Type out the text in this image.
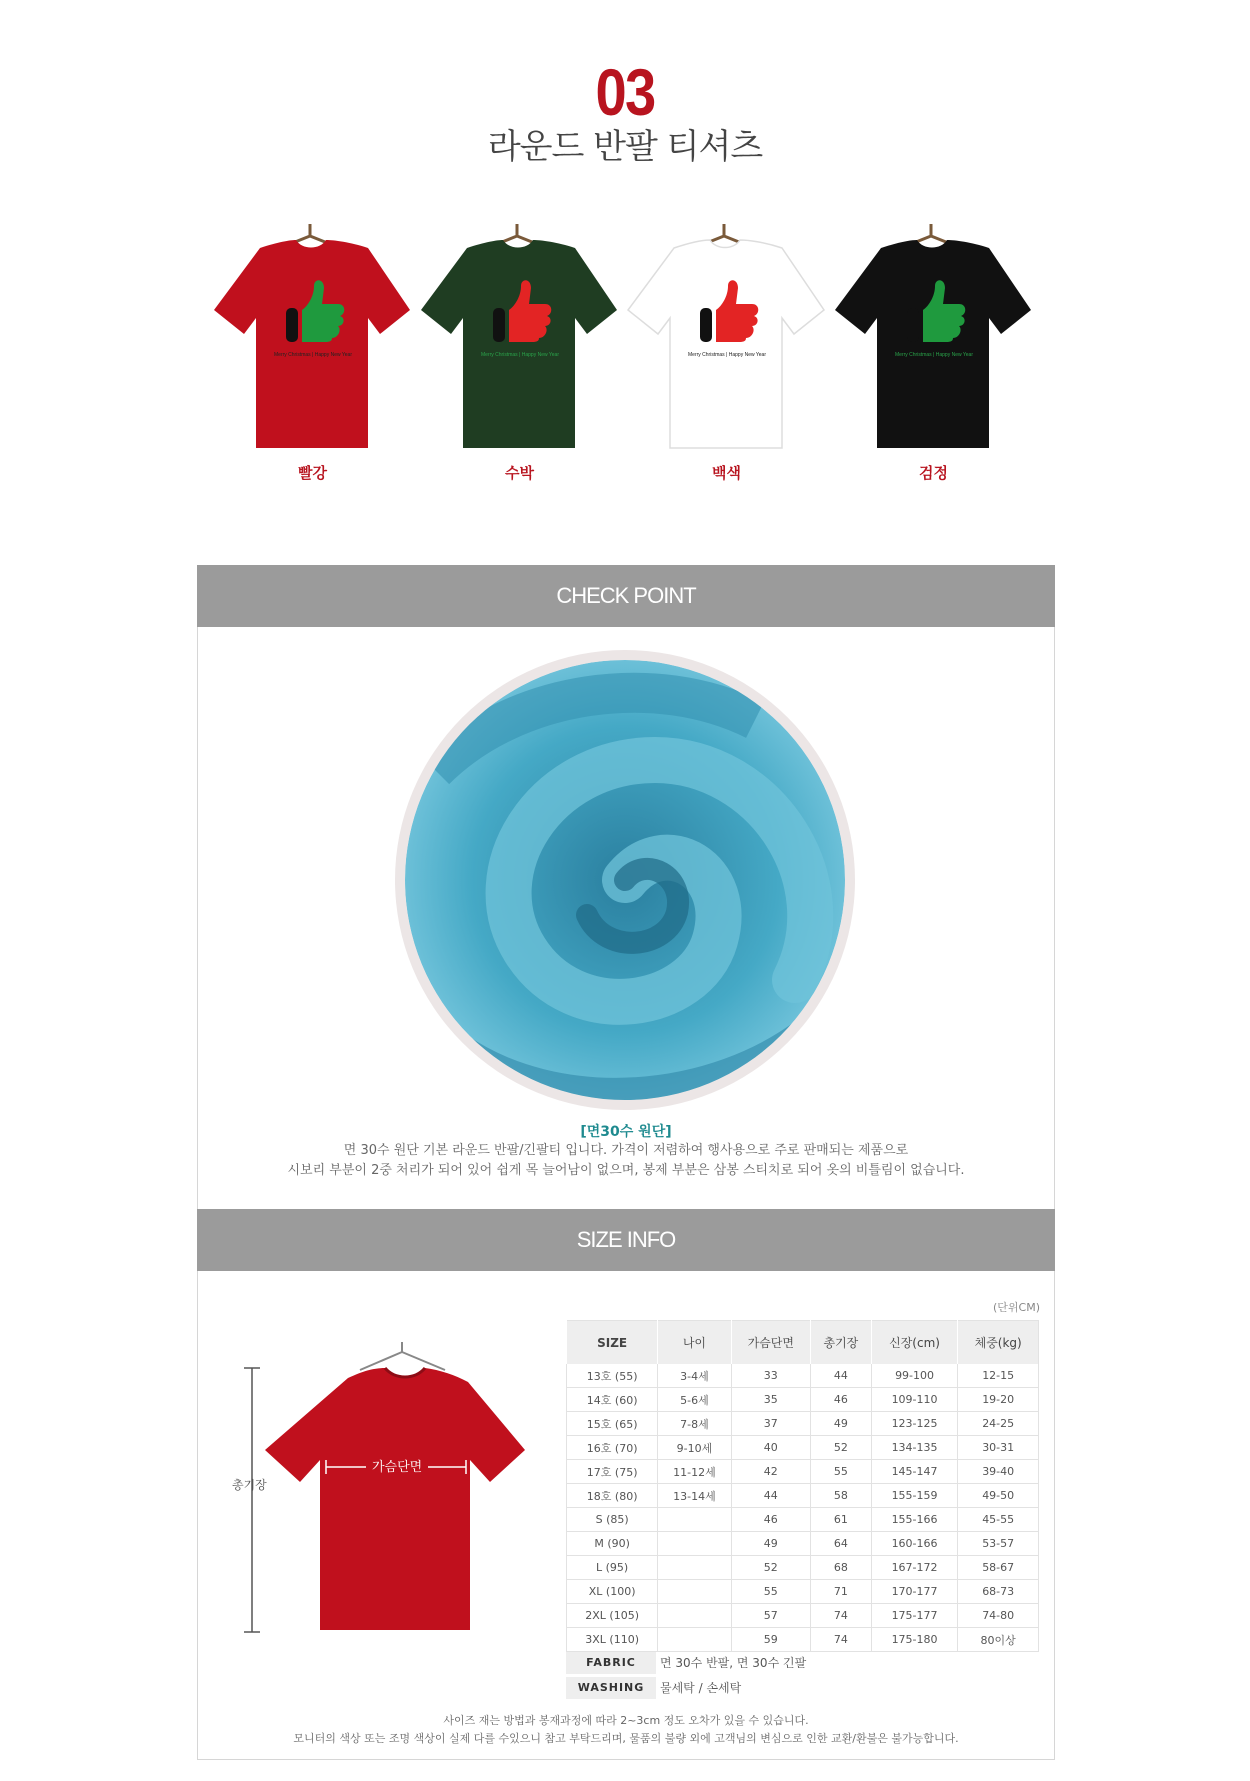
03
라운드 반팔 티셔츠
Merry Christmas | Happy New Year
빨강
Merry Christmas | Happy New Year
수박
Merry Christmas | Happy New Year
백색
Merry Christmas | Happy New Year
검정
CHECK POINT
[면30수 원단]
면 30수 원단 기본 라운드 반팔/긴팔티 입니다. 가격이 저렴하여 행사용으로 주로 판매되는 제품으로
시보리 부분이 2중 처리가 되어 있어 쉽게 목 늘어남이 없으며, 봉제 부분은 삼봉 스티치로 되어 옷의 비틀림이 없습니다.
SIZE INFO
총기장
가슴단면
(단위CM)
SIZE	나이	가슴단면	총기장	신장(cm)	체중(kg)
13호 (55)	3-4세	33	44	99-100	12-15
14호 (60)	5-6세	35	46	109-110	19-20
15호 (65)	7-8세	37	49	123-125	24-25
16호 (70)	9-10세	40	52	134-135	30-31
17호 (75)	11-12세	42	55	145-147	39-40
18호 (80)	13-14세	44	58	155-159	49-50
S (85)		46	61	155-166	45-55
M (90)		49	64	160-166	53-57
L (95)		52	68	167-172	58-67
XL (100)		55	71	170-177	68-73
2XL (105)		57	74	175-177	74-80
3XL (110)		59	74	175-180	80이상
FABRIC	면 30수 반팔, 면 30수 긴팔
WASHING	물세탁 / 손세탁
사이즈 재는 방법과 봉재과정에 따라 2~3cm 정도 오차가 있을 수 있습니다.
모니터의 색상 또는 조명 색상이 실제 다를 수있으니 참고 부탁드리며, 물품의 불량 외에 고객님의 변심으로 인한 교환/환불은 불가능합니다.
